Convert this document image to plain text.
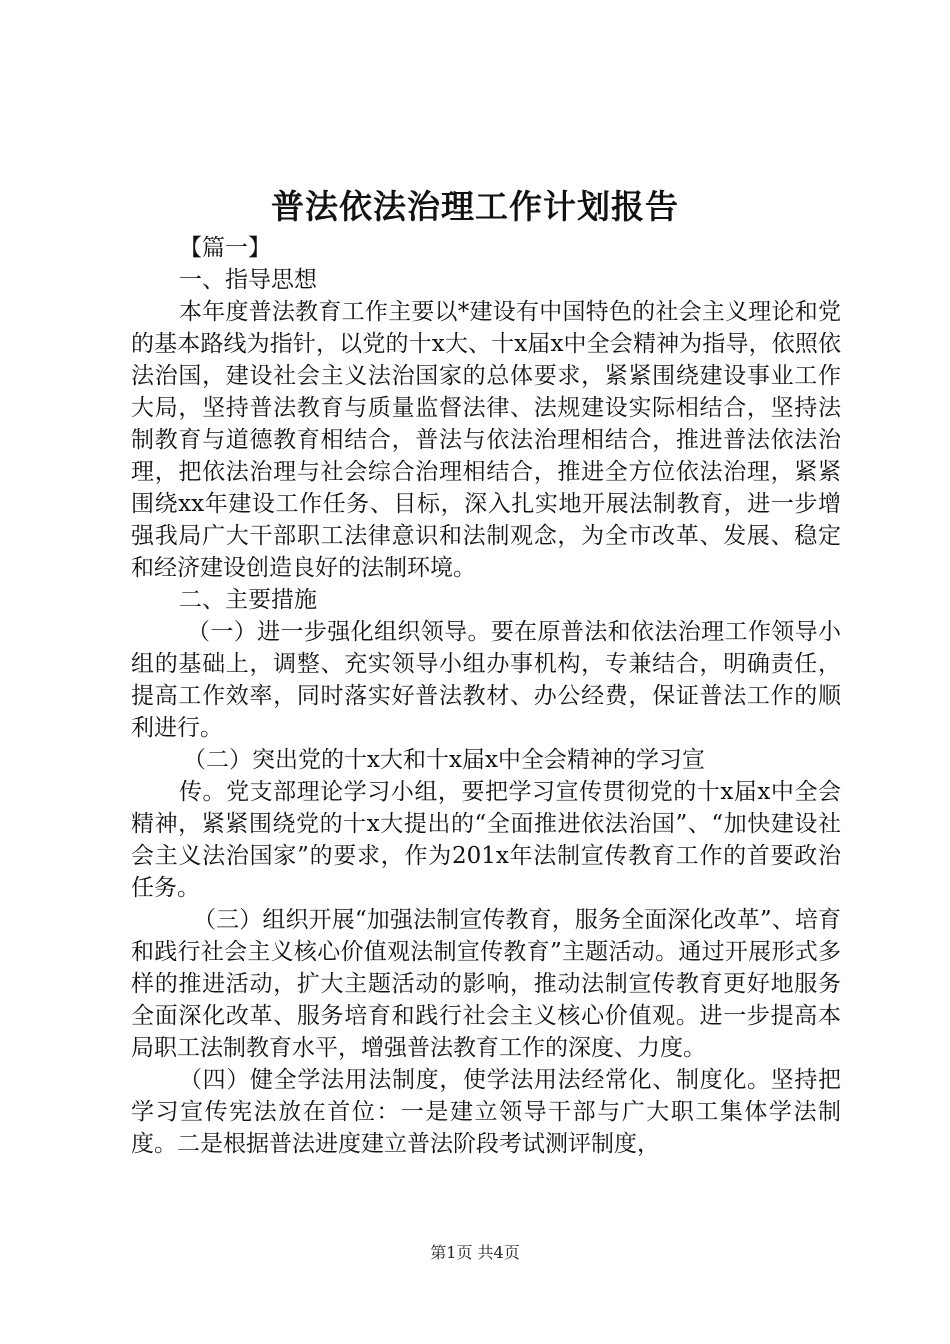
普法依法治理工作计划报告

【篇一】

一、指导思想

本年度普法教育工作主要以*建设有中国特色的社会主义理论和党的基本路线为指针，以党的十x大、十x届x中全会精神为指导，依照依法治国，建设社会主义法治国家的总体要求，紧紧围绕建设事业工作大局，坚持普法教育与质量监督法律、法规建设实际相结合，坚持法制教育与道德教育相结合，普法与依法治理相结合，推进普法依法治理，把依法治理与社会综合治理相结合，推进全方位依法治理，紧紧围绕xx年建设工作任务、目标，深入扎实地开展法制教育，进一步增强我局广大干部职工法律意识和法制观念，为全市改革、发展、稳定和经济建设创造良好的法制环境。

二、主要措施

（一）进一步强化组织领导。要在原普法和依法治理工作领导小组的基础上，调整、充实领导小组办事机构，专兼结合，明确责任，提高工作效率，同时落实好普法教材、办公经费，保证普法工作的顺利进行。

（二）突出党的十x大和十x届x中全会精神的学习宣

传。党支部理论学习小组，要把学习宣传贯彻党的十x届x中全会精神，紧紧围绕党的十x大提出的“全面推进依法治国”、“加快建设社会主义法治国家”的要求，作为201x年法制宣传教育工作的首要政治任务。

（三）组织开展“加强法制宣传教育，服务全面深化改革”、培育和践行社会主义核心价值观法制宣传教育”主题活动。通过开展形式多样的推进活动，扩大主题活动的影响，推动法制宣传教育更好地服务全面深化改革、服务培育和践行社会主义核心价值观。进一步提高本局职工法制教育水平，增强普法教育工作的深度、力度。

（四）健全学法用法制度，使学法用法经常化、制度化。坚持把学习宣传宪法放在首位：一是建立领导干部与广大职工集体学法制度。二是根据普法进度建立普法阶段考试测评制度，

第1页 共4页
